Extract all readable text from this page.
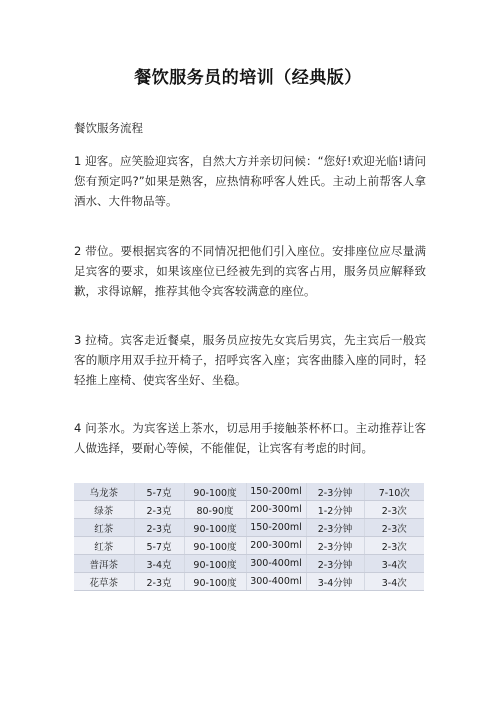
餐饮服务员的培训（经典版）
餐饮服务流程

1 迎客。应笑脸迎宾客，自然大方并亲切问候：“您好!欢迎光临!请问您有预定吗?”如果是熟客，应热情称呼客人姓氏。主动上前帮客人拿酒水、大件物品等。

2 带位。要根据宾客的不同情况把他们引入座位。安排座位应尽量满足宾客的要求，如果该座位已经被先到的宾客占用，服务员应解释致歉，求得谅解，推荐其他令宾客较满意的座位。

3 拉椅。宾客走近餐桌，服务员应按先女宾后男宾，先主宾后一般宾客的顺序用双手拉开椅子，招呼宾客入座；宾客曲膝入座的同时，轻轻推上座椅、使宾客坐好、坐稳。

4 问茶水。为宾客送上茶水，切忌用手接触茶杯杯口。主动推荐让客人做选择，要耐心等候，不能催促，让宾客有考虑的时间。

乌龙茶	5-7克	90-100度	150-200ml	2-3分钟	7-10次
绿茶	2-3克	80-90度	200-300ml	1-2分钟	2-3次
红茶	2-3克	90-100度	150-200ml	2-3分钟	2-3次
红茶	5-7克	90-100度	200-300ml	2-3分钟	2-3次
普洱茶	3-4克	90-100度	300-400ml	2-3分钟	3-4次
花草茶	2-3克	90-100度	300-400ml	3-4分钟	3-4次
